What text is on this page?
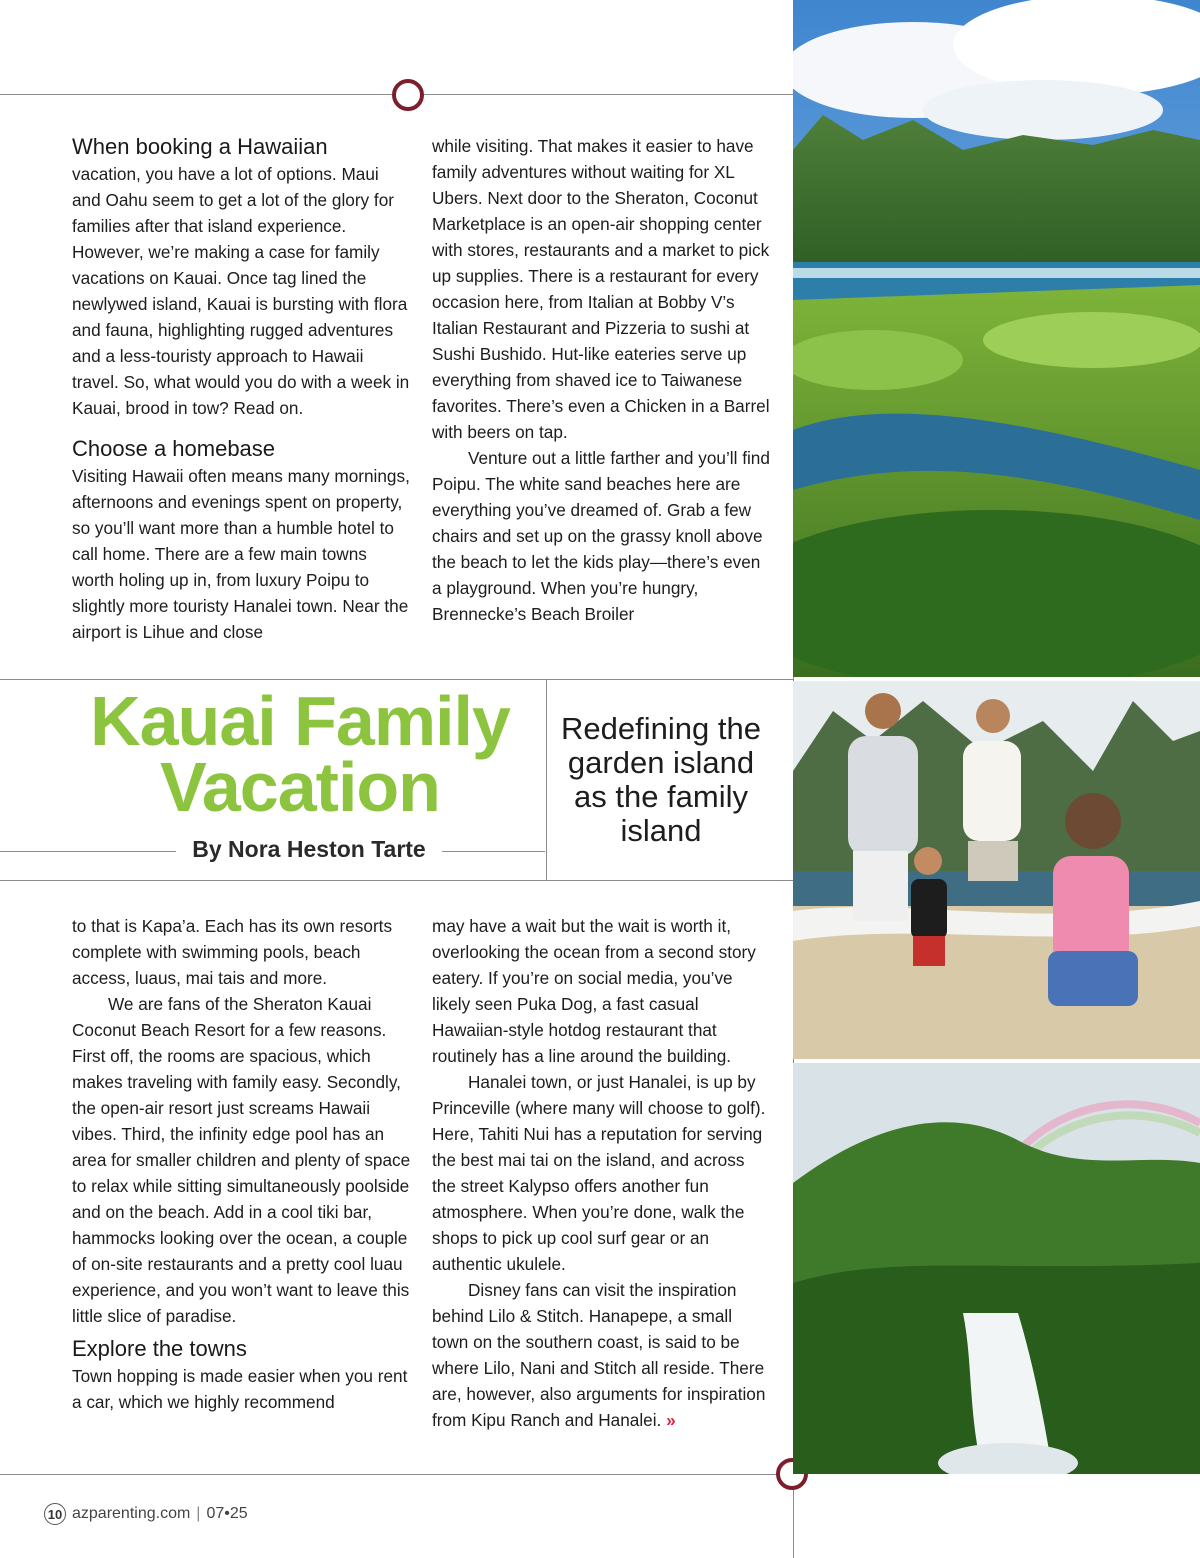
When booking a Hawaiian

vacation, you have a lot of options. Maui and Oahu seem to get a lot of the glory for families after that island experience. However, we’re making a case for family vacations on Kauai. Once tag lined the newlywed island, Kauai is bursting with flora and fauna, highlighting rugged adventures and a less-touristy approach to Hawaii travel. So, what would you do with a week in Kauai, brood in tow? Read on.

Choose a homebase

Visiting Hawaii often means many mornings, afternoons and evenings spent on property, so you’ll want more than a humble hotel to call home. There are a few main towns worth holing up in, from luxury Poipu to slightly more touristy Hanalei town. Near the airport is Lihue and close

while visiting. That makes it easier to have family adventures without waiting for XL Ubers. Next door to the Sheraton, Coconut Marketplace is an open-air shopping center with stores, restaurants and a market to pick up supplies. There is a restaurant for every occasion here, from Italian at Bobby V’s Italian Restaurant and Pizzeria to sushi at Sushi Bushido. Hut-like eateries serve up everything from shaved ice to Taiwanese favorites. There’s even a Chicken in a Barrel with beers on tap.

Venture out a little farther and you’ll find Poipu. The white sand beaches here are everything you’ve dreamed of. Grab a few chairs and set up on the grassy knoll above the beach to let the kids play—there’s even a playground. When you’re hungry, Brennecke’s Beach Broiler

Kauai Family
Vacation
By Nora Heston Tarte
Redefining the garden island as the family island

to that is Kapa’a. Each has its own resorts complete with swimming pools, beach access, luaus, mai tais and more.

We are fans of the Sheraton Kauai Coconut Beach Resort for a few reasons. First off, the rooms are spacious, which makes traveling with family easy. Secondly, the open-air resort just screams Hawaii vibes. Third, the infinity edge pool has an area for smaller children and plenty of space to relax while sitting simultaneously poolside and on the beach. Add in a cool tiki bar, hammocks looking over the ocean, a couple of on-site restaurants and a pretty cool luau experience, and you won’t want to leave this little slice of paradise.

Explore the towns

Town hopping is made easier when you rent a car, which we highly recommend

may have a wait but the wait is worth it, overlooking the ocean from a second story eatery. If you’re on social media, you’ve likely seen Puka Dog, a fast casual Hawaiian-style hotdog restaurant that routinely has a line around the building.

Hanalei town, or just Hanalei, is up by Princeville (where many will choose to golf). Here, Tahiti Nui has a reputation for serving the best mai tai on the island, and across the street Kalypso offers another fun atmosphere. When you’re done, walk the shops to pick up cool surf gear or an authentic ukulele.

Disney fans can visit the inspiration behind Lilo & Stitch. Hanapepe, a small town on the southern coast, is said to be where Lilo, Nani and Stitch all reside. There are, however, also arguments for inspiration from Kipu Ranch and Hanalei. »

10 azparenting.com | 07•25
